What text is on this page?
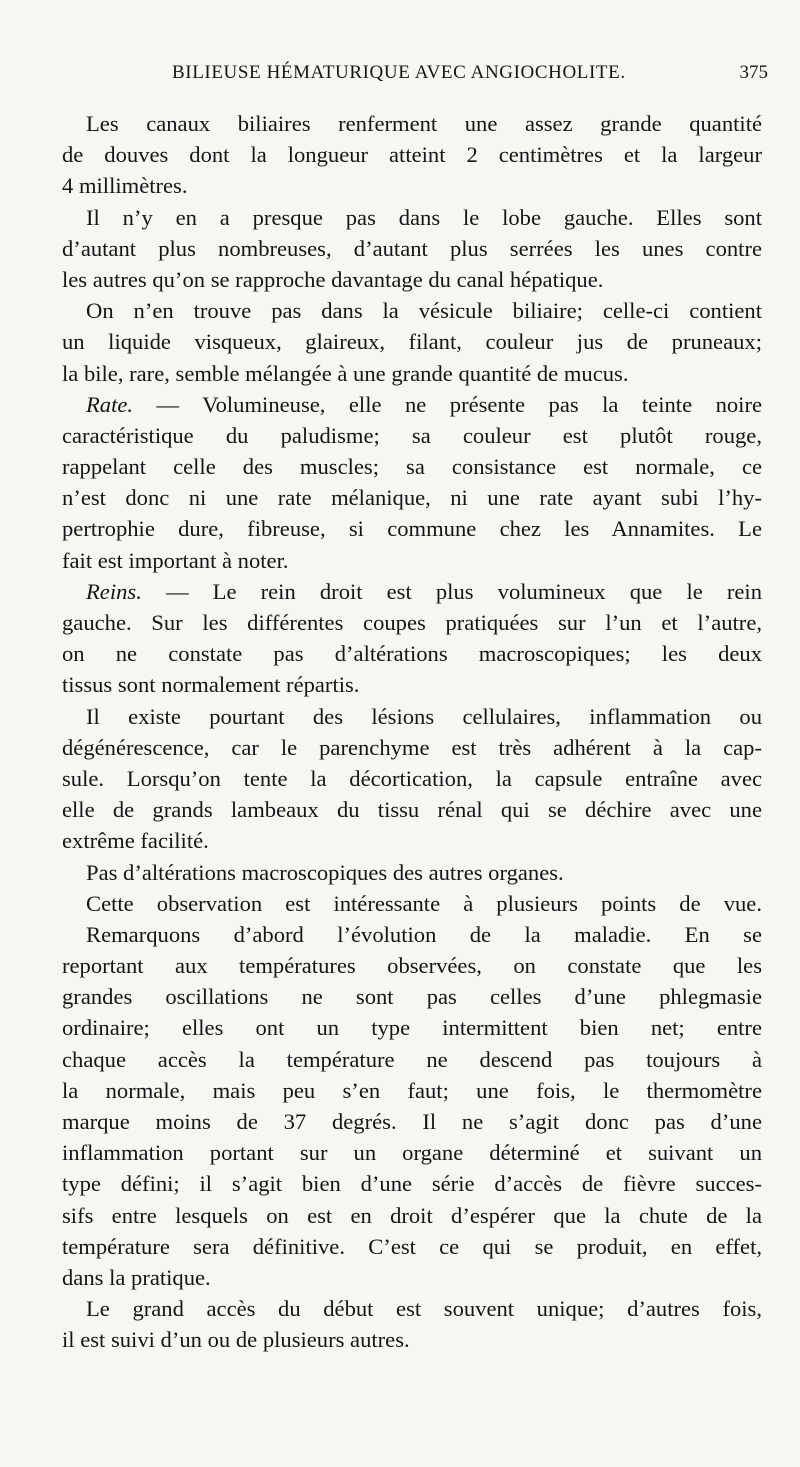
BILIEUSE HÉMATURIQUE AVEC ANGIOCHOLITE.	375
Les canaux biliaires renferment une assez grande quantité
de douves dont la longueur atteint 2 centimètres et la largeur
4 millimètres.
Il n’y en a presque pas dans le lobe gauche. Elles sont
d’autant plus nombreuses, d’autant plus serrées les unes contre
les autres qu’on se rapproche davantage du canal hépatique.
On n’en trouve pas dans la vésicule biliaire; celle-ci contient
un liquide visqueux, glaireux, filant, couleur jus de pruneaux;
la bile, rare, semble mélangée à une grande quantité de mucus.
Rate. — Volumineuse, elle ne présente pas la teinte noire
caractéristique du paludisme; sa couleur est plutôt rouge,
rappelant celle des muscles; sa consistance est normale, ce
n’est donc ni une rate mélanique, ni une rate ayant subi l’hy-
pertrophie dure, fibreuse, si commune chez les Annamites. Le
fait est important à noter.
Reins. — Le rein droit est plus volumineux que le rein
gauche. Sur les différentes coupes pratiquées sur l’un et l’autre,
on ne constate pas d’altérations macroscopiques; les deux
tissus sont normalement répartis.
Il existe pourtant des lésions cellulaires, inflammation ou
dégénérescence, car le parenchyme est très adhérent à la cap-
sule. Lorsqu’on tente la décortication, la capsule entraîne avec
elle de grands lambeaux du tissu rénal qui se déchire avec une
extrême facilité.
Pas d’altérations macroscopiques des autres organes.
Cette observation est intéressante à plusieurs points de vue.
Remarquons d’abord l’évolution de la maladie. En se
reportant aux températures observées, on constate que les
grandes oscillations ne sont pas celles d’une phlegmasie
ordinaire; elles ont un type intermittent bien net; entre
chaque accès la température ne descend pas toujours à
la normale, mais peu s’en faut; une fois, le thermomètre
marque moins de 37 degrés. Il ne s’agit donc pas d’une
inflammation portant sur un organe déterminé et suivant un
type défini; il s’agit bien d’une série d’accès de fièvre succes-
sifs entre lesquels on est en droit d’espérer que la chute de la
température sera définitive. C’est ce qui se produit, en effet,
dans la pratique.
Le grand accès du début est souvent unique; d’autres fois,
il est suivi d’un ou de plusieurs autres.
